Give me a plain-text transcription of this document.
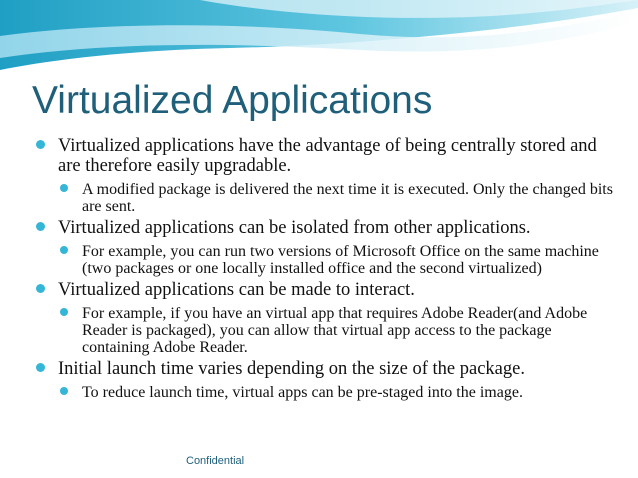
Virtualized Applications
Virtualized applications have the advantage of being centrally stored and are therefore easily upgradable.
A modified package is delivered the next time it is executed. Only the changed bits are sent.
Virtualized applications can be isolated from other applications.
For example, you can run two versions of Microsoft Office on the same machine (two packages or one locally installed office and the second virtualized)
Virtualized applications can be made to interact.
For example, if you have an virtual app that requires Adobe Reader(and Adobe Reader is packaged), you can allow that virtual app access to the package containing Adobe Reader.
Initial launch time varies depending on the size of the package.
To reduce launch time, virtual apps can be pre-staged into the image.
Confidential
